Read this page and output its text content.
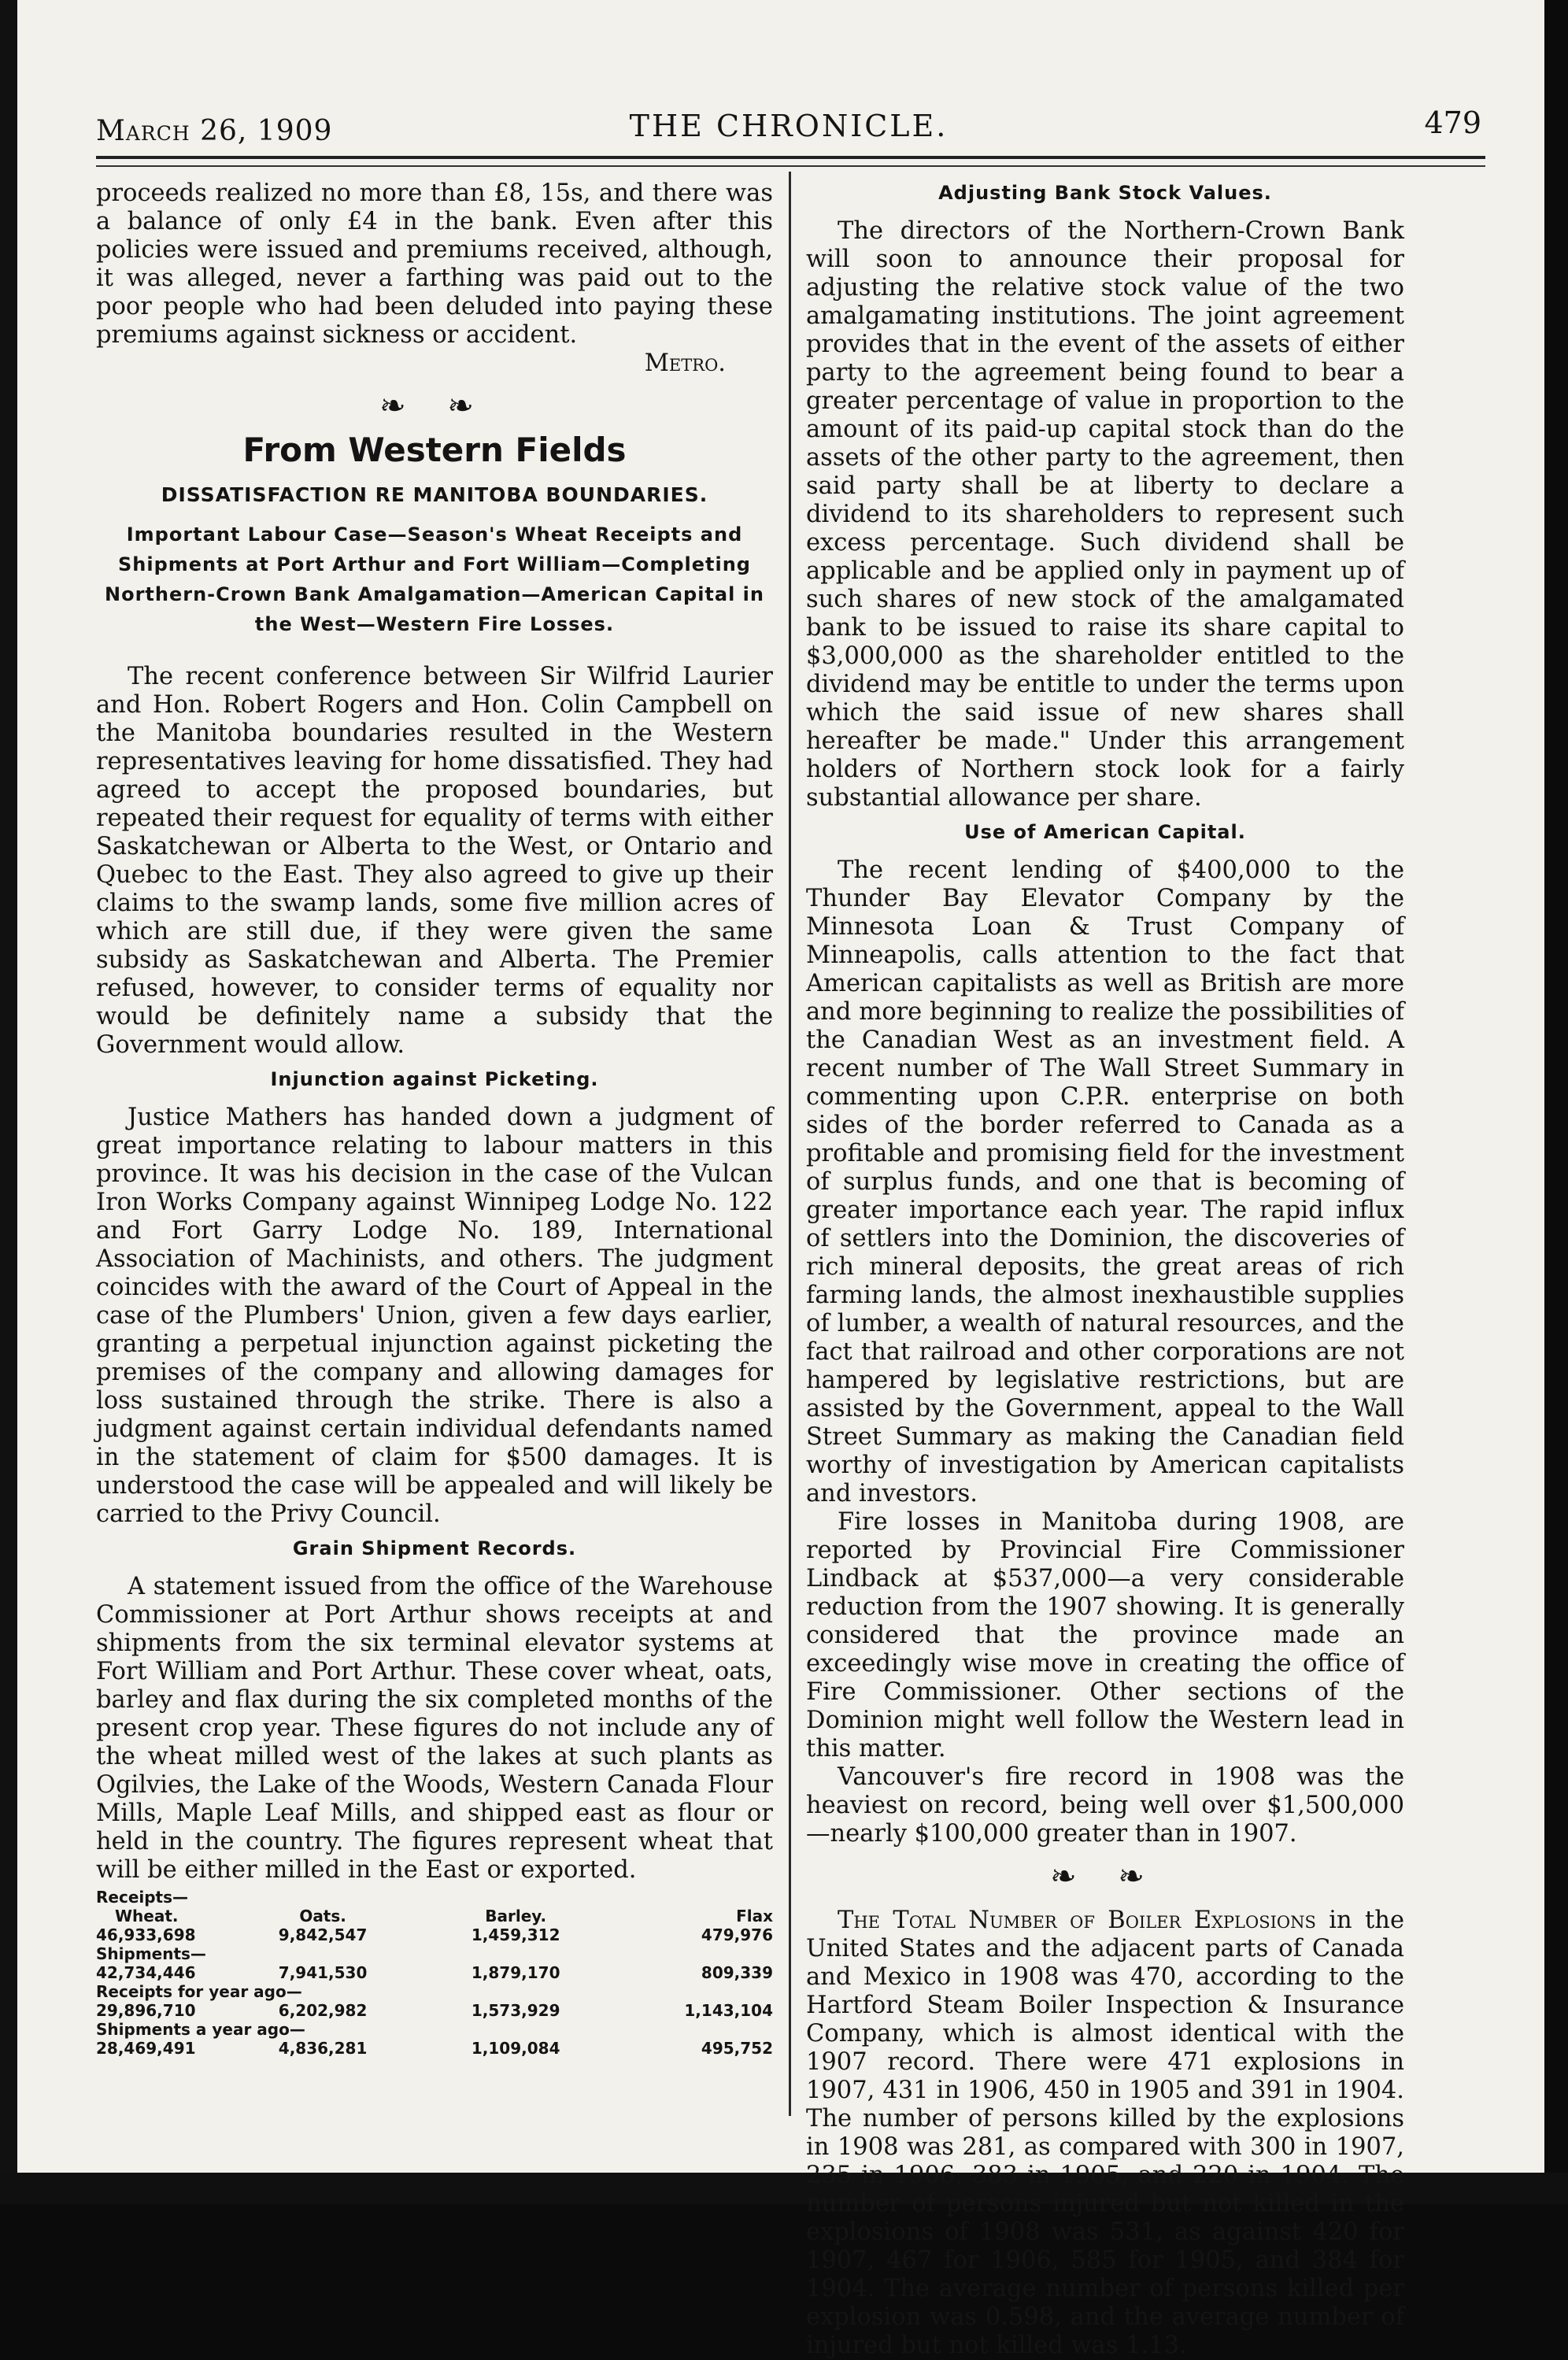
March 26, 1909	THE CHRONICLE.	479

proceeds realized no more than £8, 15s, and there was a balance of only £4 in the bank. Even after this policies were issued and premiums received, although, it was alleged, never a farthing was paid out to the poor people who had been deluded into paying these premiums against sickness or accident.

Metro.

❧ ❧
From Western Fields
DISSATISFACTION RE MANITOBA BOUNDARIES.
Important Labour Case—Season's Wheat Receipts and Shipments at Port Arthur and Fort William—Completing Northern-Crown Bank Amalgamation—American Capital in the West—Western Fire Losses.

The recent conference between Sir Wilfrid Laurier and Hon. Robert Rogers and Hon. Colin Campbell on the Manitoba boundaries resulted in the Western representatives leaving for home dissatisfied. They had agreed to accept the proposed boundaries, but repeated their request for equality of terms with either Saskatchewan or Alberta to the West, or Ontario and Quebec to the East. They also agreed to give up their claims to the swamp lands, some five million acres of which are still due, if they were given the same subsidy as Saskatchewan and Alberta. The Premier refused, however, to consider terms of equality nor would be definitely name a subsidy that the Government would allow.

Injunction against Picketing.

Justice Mathers has handed down a judgment of great importance relating to labour matters in this province. It was his decision in the case of the Vulcan Iron Works Company against Winnipeg Lodge No. 122 and Fort Garry Lodge No. 189, International Association of Machinists, and others. The judgment coincides with the award of the Court of Appeal in the case of the Plumbers' Union, given a few days earlier, granting a perpetual injunction against picketing the premises of the company and allowing damages for loss sustained through the strike. There is also a judgment against certain individual defendants named in the statement of claim for $500 damages. It is understood the case will be appealed and will likely be carried to the Privy Council.

Grain Shipment Records.

A statement issued from the office of the Warehouse Commissioner at Port Arthur shows receipts at and shipments from the six terminal elevator systems at Fort William and Port Arthur. These cover wheat, oats, barley and flax during the six completed months of the present crop year. These figures do not include any of the wheat milled west of the lakes at such plants as Ogilvies, the Lake of the Woods, Western Canada Flour Mills, Maple Leaf Mills, and shipped east as flour or held in the country. The figures represent wheat that will be either milled in the East or exported.

Receipts—			
Wheat.	Oats.	Barley.	Flax
46,933,698	9,842,547	1,459,312	479,976
Shipments—			
42,734,446	7,941,530	1,879,170	809,339
Receipts for year ago—			
29,896,710	6,202,982	1,573,929	1,143,104
Shipments a year ago—			
28,469,491	4,836,281	1,109,084	495,752
Adjusting Bank Stock Values.

The directors of the Northern-Crown Bank will soon to announce their proposal for adjusting the relative stock value of the two amalgamating institutions. The joint agreement provides that in the event of the assets of either party to the agreement being found to bear a greater percentage of value in proportion to the amount of its paid-up capital stock than do the assets of the other party to the agreement, then said party shall be at liberty to declare a dividend to its shareholders to represent such excess percentage. Such dividend shall be applicable and be applied only in payment up of such shares of new stock of the amalgamated bank to be issued to raise its share capital to $3,000,000 as the shareholder entitled to the dividend may be entitle to under the terms upon which the said issue of new shares shall hereafter be made." Under this arrangement holders of Northern stock look for a fairly substantial allowance per share.

Use of American Capital.

The recent lending of $400,000 to the Thunder Bay Elevator Company by the Minnesota Loan & Trust Company of Minneapolis, calls attention to the fact that American capitalists as well as British are more and more beginning to realize the possibilities of the Canadian West as an investment field. A recent number of The Wall Street Summary in commenting upon C.P.R. enterprise on both sides of the border referred to Canada as a profitable and promising field for the investment of surplus funds, and one that is becoming of greater importance each year. The rapid influx of settlers into the Dominion, the discoveries of rich mineral deposits, the great areas of rich farming lands, the almost inexhaustible supplies of lumber, a wealth of natural resources, and the fact that railroad and other corporations are not hampered by legislative restrictions, but are assisted by the Government, appeal to the Wall Street Summary as making the Canadian field worthy of investigation by American capitalists and investors.

Fire losses in Manitoba during 1908, are reported by Provincial Fire Commissioner Lindback at $537,000—a very considerable reduction from the 1907 showing. It is generally considered that the province made an exceedingly wise move in creating the office of Fire Commissioner. Other sections of the Dominion might well follow the Western lead in this matter.

Vancouver's fire record in 1908 was the heaviest on record, being well over $1,500,000—nearly $100,000 greater than in 1907.

❧ ❧

The Total Number of Boiler Explosions in the United States and the adjacent parts of Canada and Mexico in 1908 was 470, according to the Hartford Steam Boiler Inspection & Insurance Company, which is almost identical with the 1907 record. There were 471 explosions in 1907, 431 in 1906, 450 in 1905 and 391 in 1904. The number of persons killed by the explosions in 1908 was 281, as compared with 300 in 1907, 235 in 1906, 383 in 1905, and 220 in 1904. The number of persons injured but not killed in the explosions of 1908 was 531, as against 420 for 1907, 467 for 1906, 585 for 1905, and 384 for 1904. The average number of persons killed per explosion was 0.598, and the average number of injured but not killed was 1.13.
